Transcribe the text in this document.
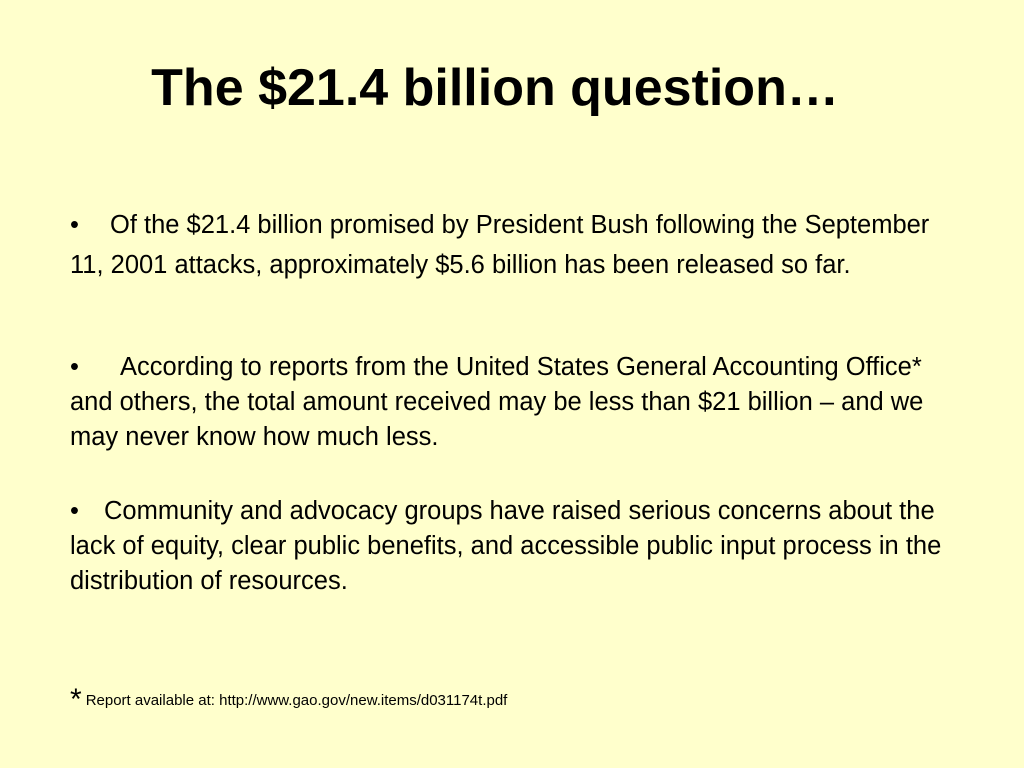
The $21.4 billion question…

• Of the $21.4 billion promised by President Bush following the September 11, 2001 attacks, approximately $5.6 billion has been released so far.

• According to reports from the United States General Accounting Office* and others, the total amount received may be less than $21 billion – and we may never know how much less.

• Community and advocacy groups have raised serious concerns about the lack of equity, clear public benefits, and accessible public input process in the distribution of resources.

* Report available at: http://www.gao.gov/new.items/d031174t.pdf
